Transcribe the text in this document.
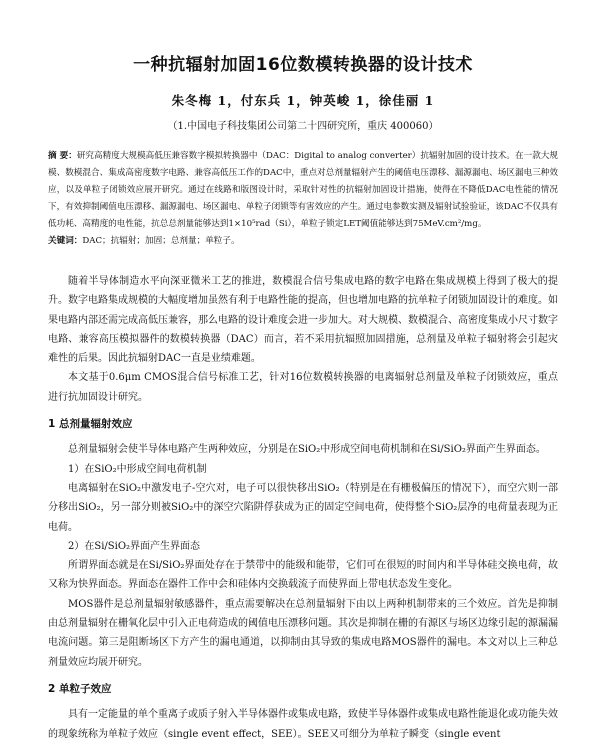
一种抗辐射加固16位数模转换器的设计技术
朱冬梅 1，付东兵 1，钟英峻 1，徐佳丽 1
（1.中国电子科技集团公司第二十四研究所，重庆 400060）
摘 要：研究高精度大规模高低压兼容数字模拟转换器中（DAC：Digital to analog converter）抗辐射加固的设计技术。在一款大规模、数模混合、集成高密度数字电路、兼容高低压工作的DAC中，重点对总剂量辐射产生的阈值电压漂移、漏源漏电、场区漏电三种效应，以及单粒子闭锁效应展开研究。通过在线路和版图设计时，采取针对性的抗辐射加固设计措施，使得在不降低DAC电性能的情况下，有效抑制阈值电压漂移、漏源漏电、场区漏电、单粒子闭锁等有害效应的产生。通过电参数实测及辐射试验验证，该DAC不仅具有低功耗、高精度的电性能，抗总总剂量能够达到1×10⁵rad（Si），单粒子锁定LET阈值能够达到75MeV.cm²/mg。
关键词：DAC；抗辐射；加固；总剂量；单粒子。

随着半导体制造水平向深亚微米工艺的推进，数模混合信号集成电路的数字电路在集成规模上得到了极大的提升。数字电路集成规模的大幅度增加虽然有利于电路性能的提高，但也增加电路的抗单粒子闭锁加固设计的难度。如果电路内部还需完成高低压兼容，那么电路的设计难度会进一步加大。对大规模、数模混合、高密度集成小尺寸数字电路、兼容高压模拟器件的数模转换器（DAC）而言，若不采用抗辐照加固措施，总剂量及单粒子辐射将会引起灾难性的后果。因此抗辐射DAC一直是业绩难题。

本文基于0.6μm CMOS混合信号标准工艺，针对16位数模转换器的电离辐射总剂量及单粒子闭锁效应，重点进行抗加固设计研究。

1 总剂量辐射效应

总剂量辐射会使半导体电路产生两种效应，分别是在SiO₂中形成空间电荷机制和在Si/SiO₂界面产生界面态。

1）在SiO₂中形成空间电荷机制

电离辐射在SiO₂中激发电子-空穴对，电子可以很快移出SiO₂（特别是在有栅极偏压的情况下），而空穴则一部分移出SiO₂，另一部分则被SiO₂中的深空穴陷阱俘获成为正的固定空间电荷，使得整个SiO₂层净的电荷量表现为正电荷。

2）在Si/SiO₂界面产生界面态

所谓界面态就是在Si/SiO₂界面处存在于禁带中的能级和能带，它们可在很短的时间内和半导体硅交换电荷，故又称为快界面态。界面态在器件工作中会和硅体内交换载流子而使界面上带电状态发生变化。

MOS器件是总剂量辐射敏感器件，重点需要解决在总剂量辐射下由以上两种机制带来的三个效应。首先是抑制由总剂量辐射在栅氧化层中引入正电荷造成的阈值电压漂移问题。其次是抑制在栅的有源区与场区边缘引起的源漏漏电流问题。第三是阻断场区下方产生的漏电通道，以抑制由其导致的集成电路MOS器件的漏电。本文对以上三种总剂量效应均展开研究。

2 单粒子效应

具有一定能量的单个重离子或质子射入半导体器件或集成电路，致使半导体器件或集成电路性能退化或功能失效的现象统称为单粒子效应（single event effect，SEE）。SEE又可细分为单粒子瞬变（single event
